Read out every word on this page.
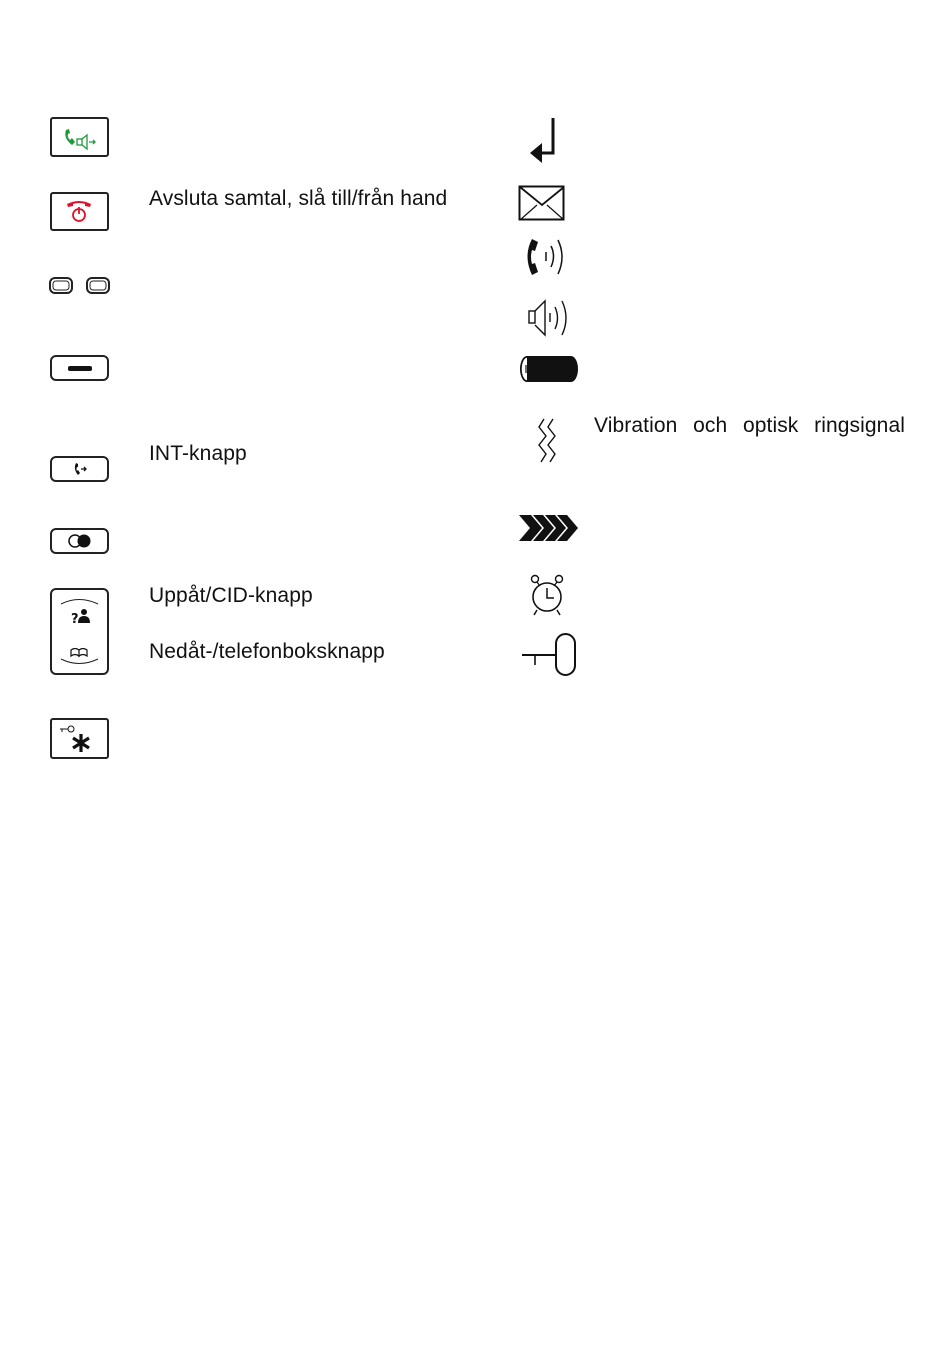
Avsluta samtal, slå till/från hand
INT-knapp
?
Uppåt/CID-knapp
Nedåt-/telefonboksknapp
Vibration och optisk ringsignal
